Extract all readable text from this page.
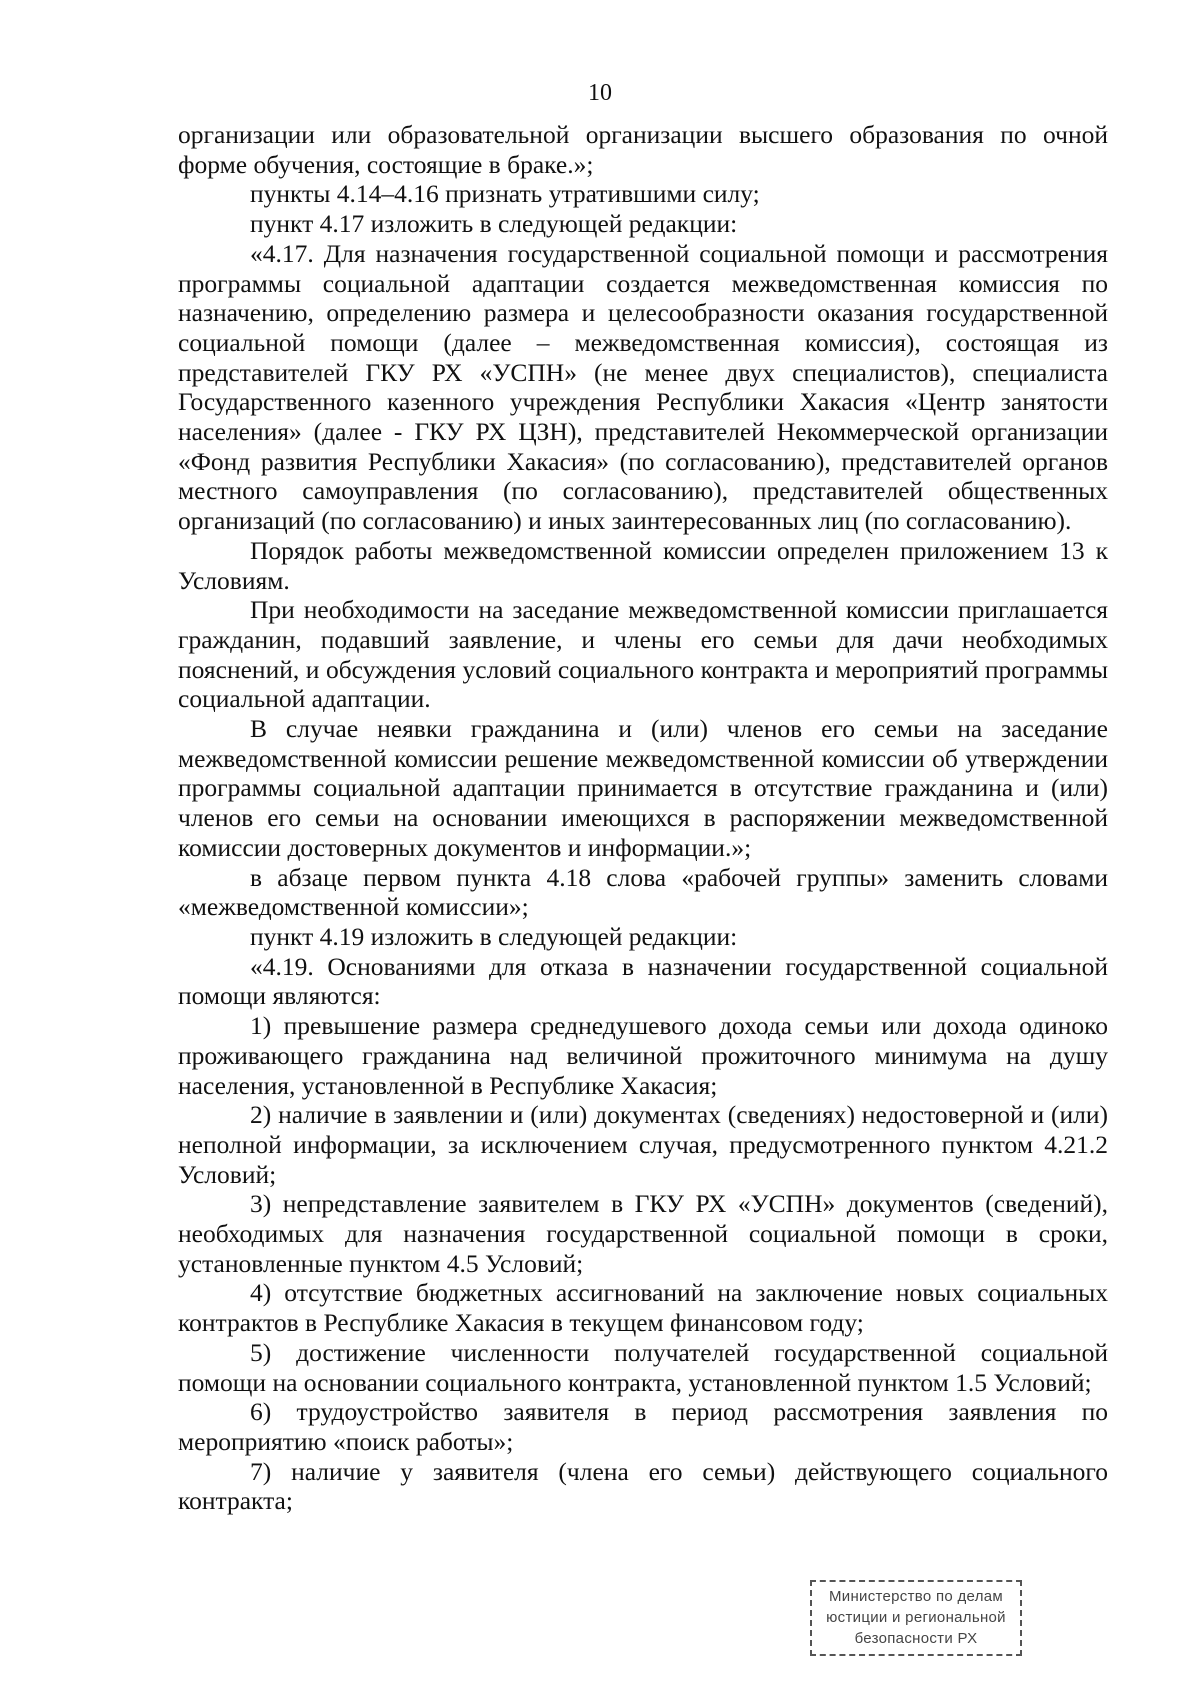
10

организации или образовательной организации высшего образования по очной форме обучения, состоящие в браке.»;

пункты 4.14–4.16 признать утратившими силу;

пункт 4.17 изложить в следующей редакции:

«4.17. Для назначения государственной социальной помощи и рассмотрения программы социальной адаптации создается межведомственная комиссия по назначению, определению размера и целесообразности оказания государственной социальной помощи (далее – межведомственная комиссия), состоящая из представителей ГКУ РХ «УСПН» (не менее двух специалистов), специалиста Государственного казенного учреждения Республики Хакасия «Центр занятости населения» (далее - ГКУ РХ ЦЗН), представителей Некоммерческой организации «Фонд развития Республики Хакасия» (по согласованию), представителей органов местного самоуправления (по согласованию), представителей общественных организаций (по согласованию) и иных заинтересованных лиц (по согласованию).

Порядок работы межведомственной комиссии определен приложением 13 к Условиям.

При необходимости на заседание межведомственной комиссии приглашается гражданин, подавший заявление, и члены его семьи для дачи необходимых пояснений, и обсуждения условий социального контракта и мероприятий программы социальной адаптации.

В случае неявки гражданина и (или) членов его семьи на заседание межведомственной комиссии решение межведомственной комиссии об утверждении программы социальной адаптации принимается в отсутствие гражданина и (или) членов его семьи на основании имеющихся в распоряжении межведомственной комиссии достоверных документов и информации.»;

в абзаце первом пункта 4.18 слова «рабочей группы» заменить словами «межведомственной комиссии»;

пункт 4.19 изложить в следующей редакции:

«4.19. Основаниями для отказа в назначении государственной социальной помощи являются:

1) превышение размера среднедушевого дохода семьи или дохода одиноко проживающего гражданина над величиной прожиточного минимума на душу населения, установленной в Республике Хакасия;

2) наличие в заявлении и (или) документах (сведениях) недостоверной и (или) неполной информации, за исключением случая, предусмотренного пунктом 4.21.2 Условий;

3) непредставление заявителем в ГКУ РХ «УСПН» документов (сведений), необходимых для назначения государственной социальной помощи в сроки, установленные пунктом 4.5 Условий;

4) отсутствие бюджетных ассигнований на заключение новых социальных контрактов в Республике Хакасия в текущем финансовом году;

5) достижение численности получателей государственной социальной помощи на основании социального контракта, установленной пунктом 1.5 Условий;

6) трудоустройство заявителя в период рассмотрения заявления по мероприятию «поиск работы»;

7) наличие у заявителя (члена его семьи) действующего социального контракта;

Министерство по делам
юстиции и региональной
безопасности РХ
